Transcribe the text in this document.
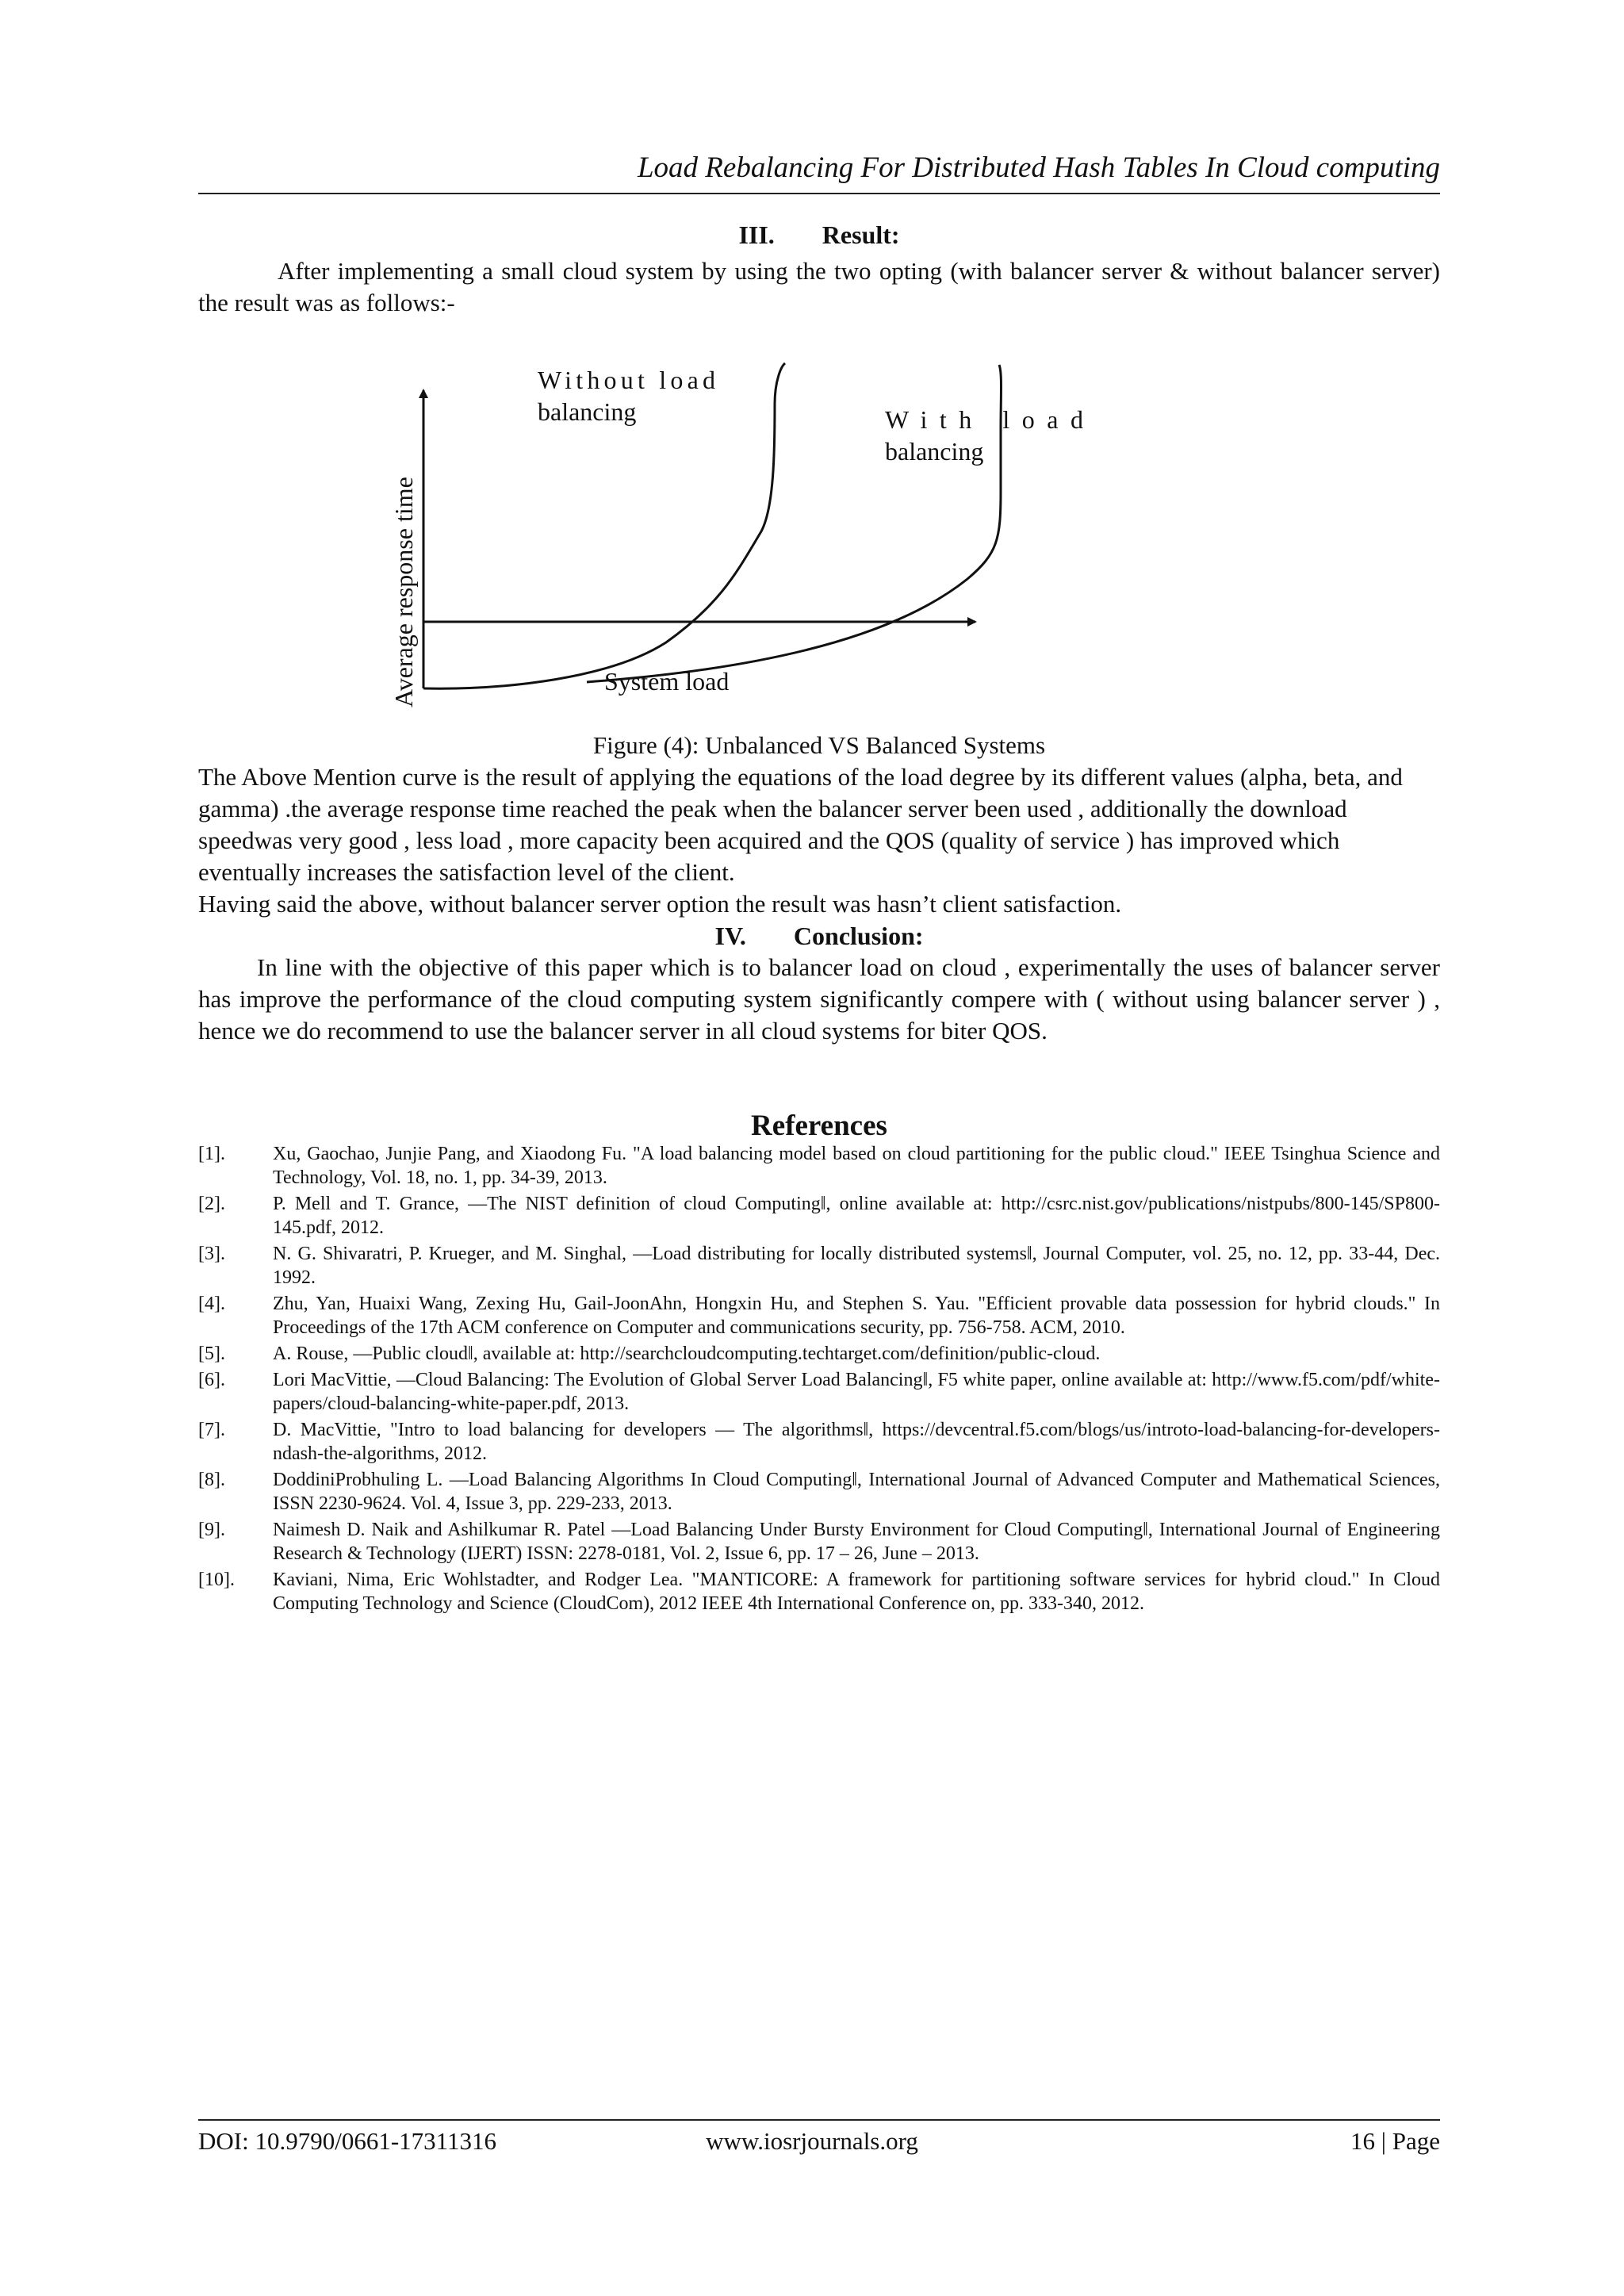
Load Rebalancing For Distributed Hash Tables In Cloud computing
III. Result:
After implementing a small cloud system by using the two opting (with balancer server & without balancer server) the result was as follows:-
Without load
balancing	With load
balancing
System load
Average response time
Figure (4): Unbalanced VS Balanced Systems
The Above Mention curve is the result of applying the equations of the load degree by its different values (alpha, beta, and gamma) .the average response time reached the peak when the balancer server been used , additionally the download speedwas very good , less load , more capacity been acquired and the QOS (quality of service ) has improved which eventually increases the satisfaction level of the client.
Having said the above, without balancer server option the result was hasn’t client satisfaction.
IV. Conclusion:
In line with the objective of this paper which is to balancer load on cloud , experimentally the uses of balancer server has improve the performance of the cloud computing system significantly compere with ( without using balancer server ) , hence we do recommend to use the balancer server in all cloud systems for biter QOS.
References
[1].	Xu, Gaochao, Junjie Pang, and Xiaodong Fu. "A load balancing model based on cloud partitioning for the public cloud." IEEE Tsinghua Science and Technology, Vol. 18, no. 1, pp. 34-39, 2013.
[2].	P. Mell and T. Grance, ―The NIST definition of cloud Computing‖, online available at: http://csrc.nist.gov/publications/nistpubs/800-145/SP800-145.pdf, 2012.
[3].	N. G. Shivaratri, P. Krueger, and M. Singhal, ―Load distributing for locally distributed systems‖, Journal Computer, vol. 25, no. 12, pp. 33-44, Dec. 1992.
[4].	Zhu, Yan, Huaixi Wang, Zexing Hu, Gail-JoonAhn, Hongxin Hu, and Stephen S. Yau. "Efficient provable data possession for hybrid clouds." In Proceedings of the 17th ACM conference on Computer and communications security, pp. 756-758. ACM, 2010.
[5].	A. Rouse, ―Public cloud‖, available at: http://searchcloudcomputing.techtarget.com/definition/public-cloud.
[6].	Lori MacVittie, ―Cloud Balancing: The Evolution of Global Server Load Balancing‖, F5 white paper, online available at: http://www.f5.com/pdf/white-papers/cloud-balancing-white-paper.pdf, 2013.
[7].	D. MacVittie, "Intro to load balancing for developers — The algorithms‖, https://devcentral.f5.com/blogs/us/introto-load-balancing-for-developers-ndash-the-algorithms, 2012.
[8].	DoddiniProbhuling L. ―Load Balancing Algorithms In Cloud Computing‖, International Journal of Advanced Computer and Mathematical Sciences, ISSN 2230-9624. Vol. 4, Issue 3, pp. 229-233, 2013.
[9].	Naimesh D. Naik and Ashilkumar R. Patel ―Load Balancing Under Bursty Environment for Cloud Computing‖, International Journal of Engineering Research & Technology (IJERT) ISSN: 2278-0181, Vol. 2, Issue 6, pp. 17 – 26, June – 2013.
[10].	Kaviani, Nima, Eric Wohlstadter, and Rodger Lea. "MANTICORE: A framework for partitioning software services for hybrid cloud." In Cloud Computing Technology and Science (CloudCom), 2012 IEEE 4th International Conference on, pp. 333-340, 2012.
DOI: 10.9790/0661-17311316	www.iosrjournals.org	16 | Page
